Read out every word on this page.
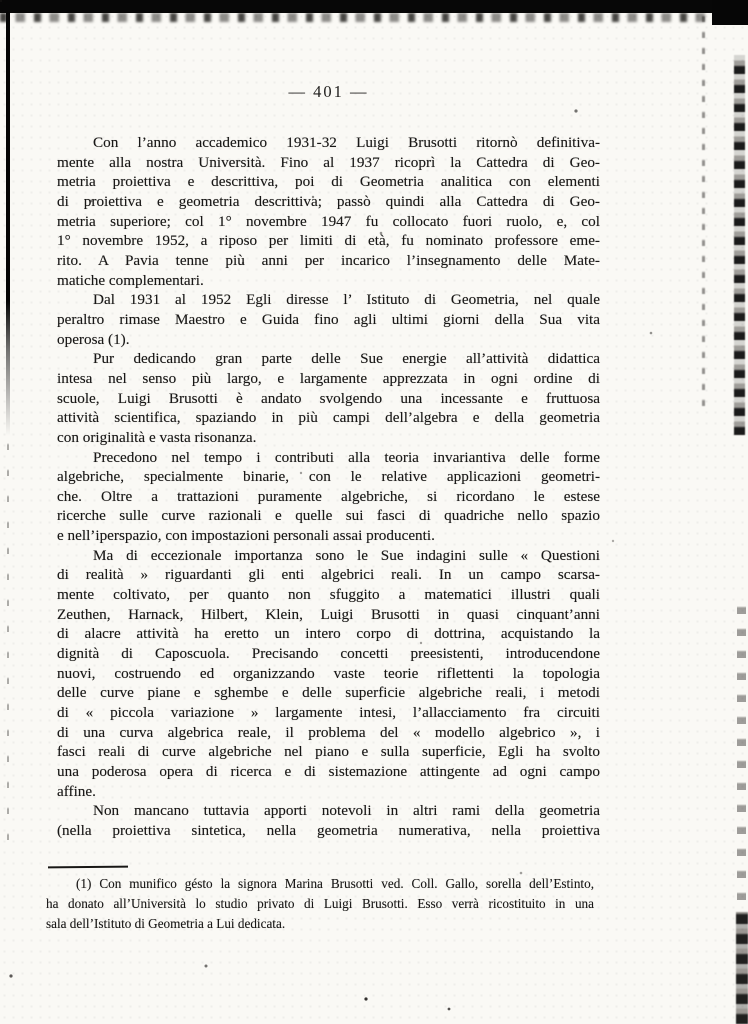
— 401 —
Con l’anno accademico 1931-32 Luigi Brusotti ritornò definitiva-
mente alla nostra Università. Fino al 1937 ricoprì la Cattedra di Geo-
metria proiettiva e descrittiva, poi di Geometria analitica con elementi
di proiettiva e geometria descrittiva; passò quindi alla Cattedra di Geo-
metria superiore; col 1° novembre 1947 fu collocato fuori ruolo, e, col
1° novembre 1952, a riposo per limiti di età, fu nominato professore eme-
rito. A Pavia tenne più anni per incarico l’insegnamento delle Mate-
matiche complementari.
Dal 1931 al 1952 Egli diresse l’ Istituto di Geometria, nel quale
peraltro rimase Maestro e Guida fino agli ultimi giorni della Sua vita
operosa (1).
Pur dedicando gran parte delle Sue energie all’attività didattica
intesa nel senso più largo, e largamente apprezzata in ogni ordine di
scuole, Luigi Brusotti è andato svolgendo una incessante e fruttuosa
attività scientifica, spaziando in più campi dell’algebra e della geometria
con originalità e vasta risonanza.
Precedono nel tempo i contributi alla teoria invariantiva delle forme
algebriche, specialmente binarie, con le relative applicazioni geometri-
che. Oltre a trattazioni puramente algebriche, si ricordano le estese
ricerche sulle curve razionali e quelle sui fasci di quadriche nello spazio
e nell’iperspazio, con impostazioni personali assai producenti.
Ma di eccezionale importanza sono le Sue indagini sulle « Questioni
di realità » riguardanti gli enti algebrici reali. In un campo scarsa-
mente coltivato, per quanto non sfuggito a matematici illustri quali
Zeuthen, Harnack, Hilbert, Klein, Luigi Brusotti in quasi cinquant’anni
di alacre attività ha eretto un intero corpo di dottrina, acquistando la
dignità di Caposcuola. Precisando concetti preesistenti, introducendone
nuovi, costruendo ed organizzando vaste teorie riflettenti la topologia
delle curve piane e sghembe e delle superficie algebriche reali, i metodi
di « piccola variazione » largamente intesi, l’allacciamento fra circuiti
di una curva algebrica reale, il problema del « modello algebrico », i
fasci reali di curve algebriche nel piano e sulla superficie, Egli ha svolto
una poderosa opera di ricerca e di sistemazione attingente ad ogni campo
affine.
Non mancano tuttavia apporti notevoli in altri rami della geometria
(nella proiettiva sintetica, nella geometria numerativa, nella proiettiva
(1) Con munifico gésto la signora Marina Brusotti ved. Coll. Gallo, sorella dell’Estinto,
ha donato all’Università lo studio privato di Luigi Brusotti. Esso verrà ricostituito in una
sala dell’Istituto di Geometria a Lui dedicata.
